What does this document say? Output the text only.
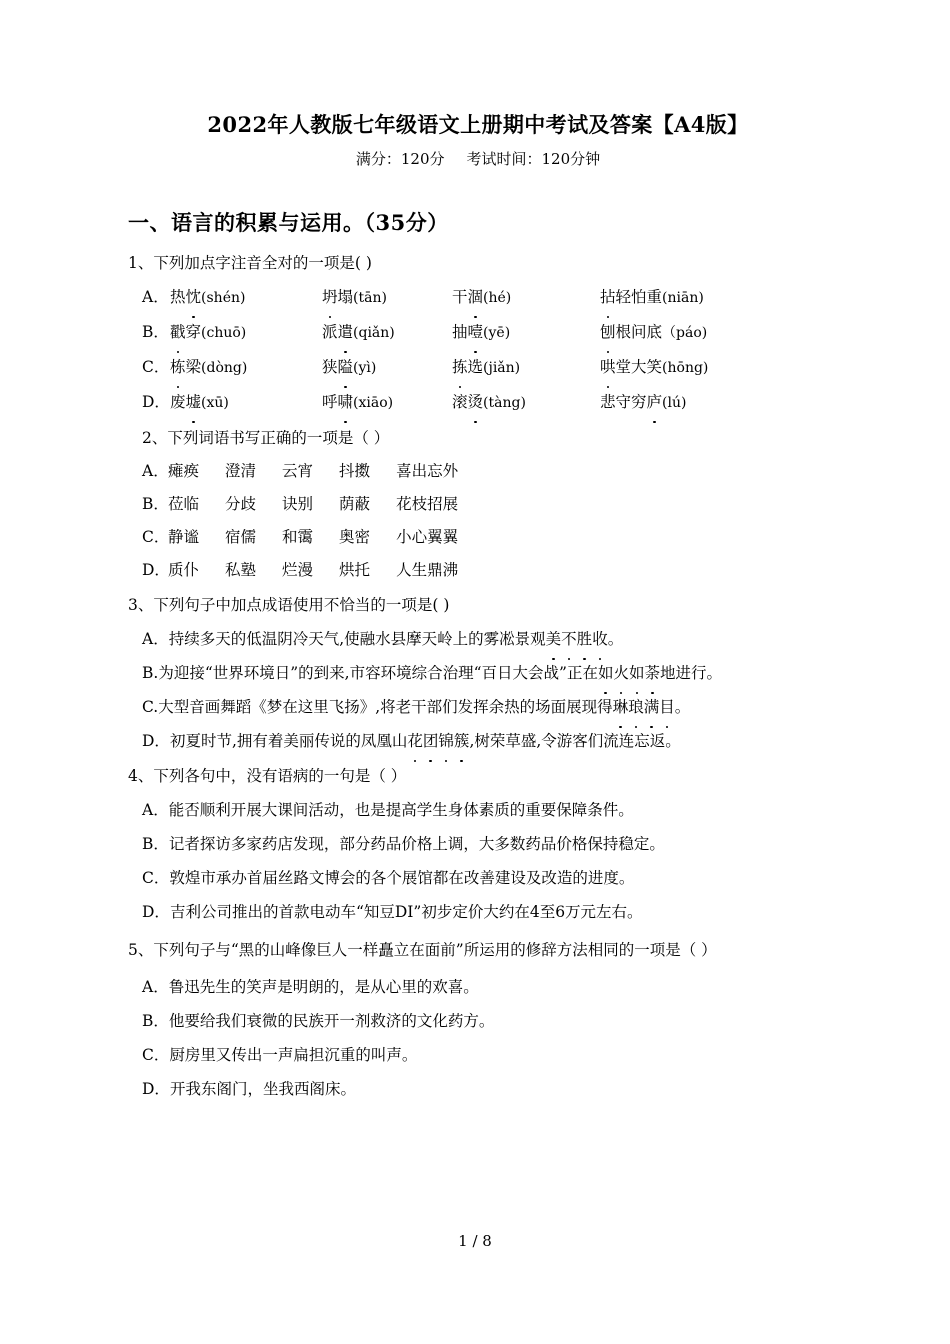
2022年人教版七年级语文上册期中考试及答案【A4版】
满分：120分 考试时间：120分钟
一、语言的积累与运用。（35分）

1、下列加点字注音全对的一项是( )

A．热忱(shén)	坍塌(tān)	干涸(hé)	拈轻怕重(niān)
B．戳穿(chuō)	派遣(qiǎn)	抽噎(yē)	刨根问底（páo)
C．栋梁(dòng)	狭隘(yì)	拣选(jiǎn)	哄堂大笑(hōng)
D．废墟(xū)	呼啸(xiāo)	滚烫(tàng)	悲守穷庐(lú)

2、下列词语书写正确的一项是（ ）

A．瘫痪 澄清 云宵 抖擞 喜出忘外
B．莅临 分歧 诀别 荫蔽 花枝招展
C．静谧 宿儒 和霭 奥密 小心翼翼
D．质仆 私塾 烂漫 烘托 人生鼎沸

3、下列句子中加点成语使用不恰当的一项是( )

A．持续多天的低温阴冷天气,使融水县摩天岭上的雾凇景观美不胜收。

B.为迎接“世界环境日”的到来,市容环境综合治理“百日大会战”正在如火如荼地进行。

C.大型音画舞蹈《梦在这里飞扬》,将老干部们发挥余热的场面展现得琳琅满目。

D．初夏时节,拥有着美丽传说的凤凰山花团锦簇,树荣草盛,令游客们流连忘返。

4、下列各句中，没有语病的一句是（ ）

A．能否顺利开展大课间活动，也是提高学生身体素质的重要保障条件。

B．记者探访多家药店发现，部分药品价格上调，大多数药品价格保持稳定。

C．敦煌市承办首届丝路文博会的各个展馆都在改善建设及改造的进度。

D．吉利公司推出的首款电动车“知豆DI”初步定价大约在4至6万元左右。

5、下列句子与“黑的山峰像巨人一样矗立在面前”所运用的修辞方法相同的一项是（ ）

A．鲁迅先生的笑声是明朗的，是从心里的欢喜。

B．他要给我们衰微的民族开一剂救济的文化药方。

C．厨房里又传出一声扁担沉重的叫声。

D．开我东阁门，坐我西阁床。

1 / 8
